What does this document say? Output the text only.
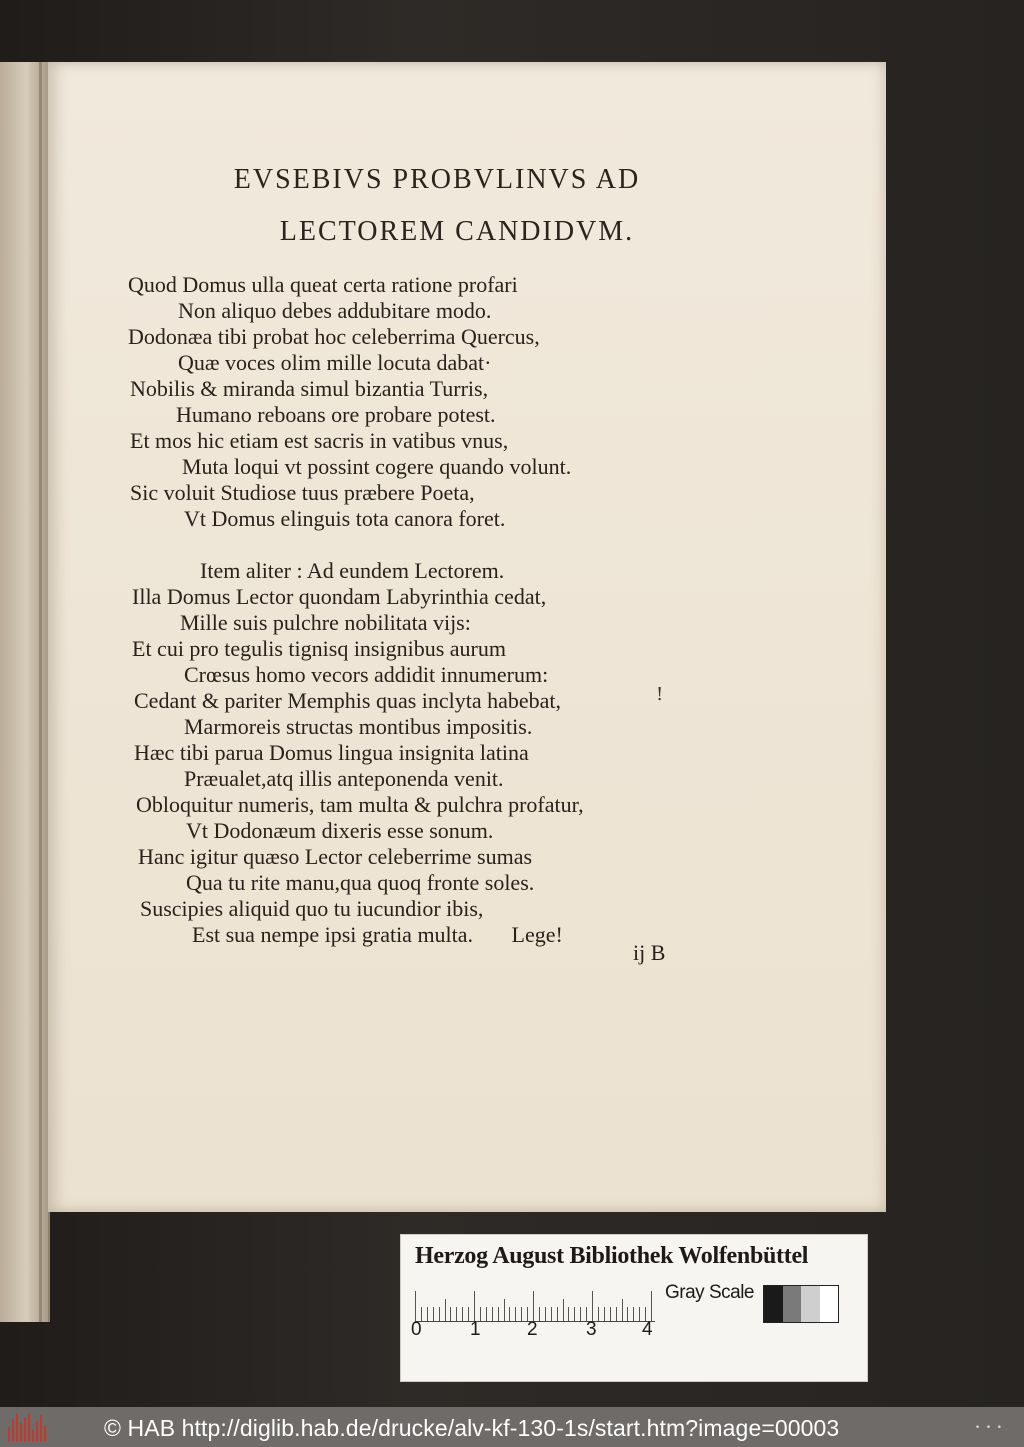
EVSEBIVS PROBVLINVS AD
LECTOREM CANDIDVM.
Quod Domus ulla queat certa ratione profari
Non aliquo debes addubitare modo.
Dodonæa tibi probat hoc celeberrima Quercus,
Quæ voces olim mille locuta dabat·
Nobilis & miranda simul bizantia Turris,
Humano reboans ore probare potest.
Et mos hic etiam est sacris in vatibus vnus,
Muta loqui vt possint cogere quando volunt.
Sic voluit Studiose tuus præbere Poeta,
Vt Domus elinguis tota canora foret.
Item aliter : Ad eundem Lectorem.
Illa Domus Lector quondam Labyrinthia cedat,
Mille suis pulchre nobilitata vijs:
Et cui pro tegulis tignisq insignibus aurum
Crœsus homo vecors addidit innumerum:
Cedant & pariter Memphis quas inclyta habebat,
Marmoreis structas montibus impositis.
Hæc tibi parua Domus lingua insignita latina
Præualet,atq illis anteponenda venit.
Obloquitur numeris, tam multa & pulchra profatur,
Vt Dodonæum dixeris esse sonum.
Hanc igitur quæso Lector celeberrime sumas
Qua tu rite manu,qua quoq fronte soles.
Suscipies aliquid quo tu iucundior ibis,
Est sua nempe ipsi gratia multa.       Lege!
ij B
!
Herzog August Bibliothek Wolfenbüttel
0	1 2	3 4
Gray Scale
© HAB http://diglib.hab.de/drucke/alv-kf-130-1s/start.htm?image=00003	• • •
